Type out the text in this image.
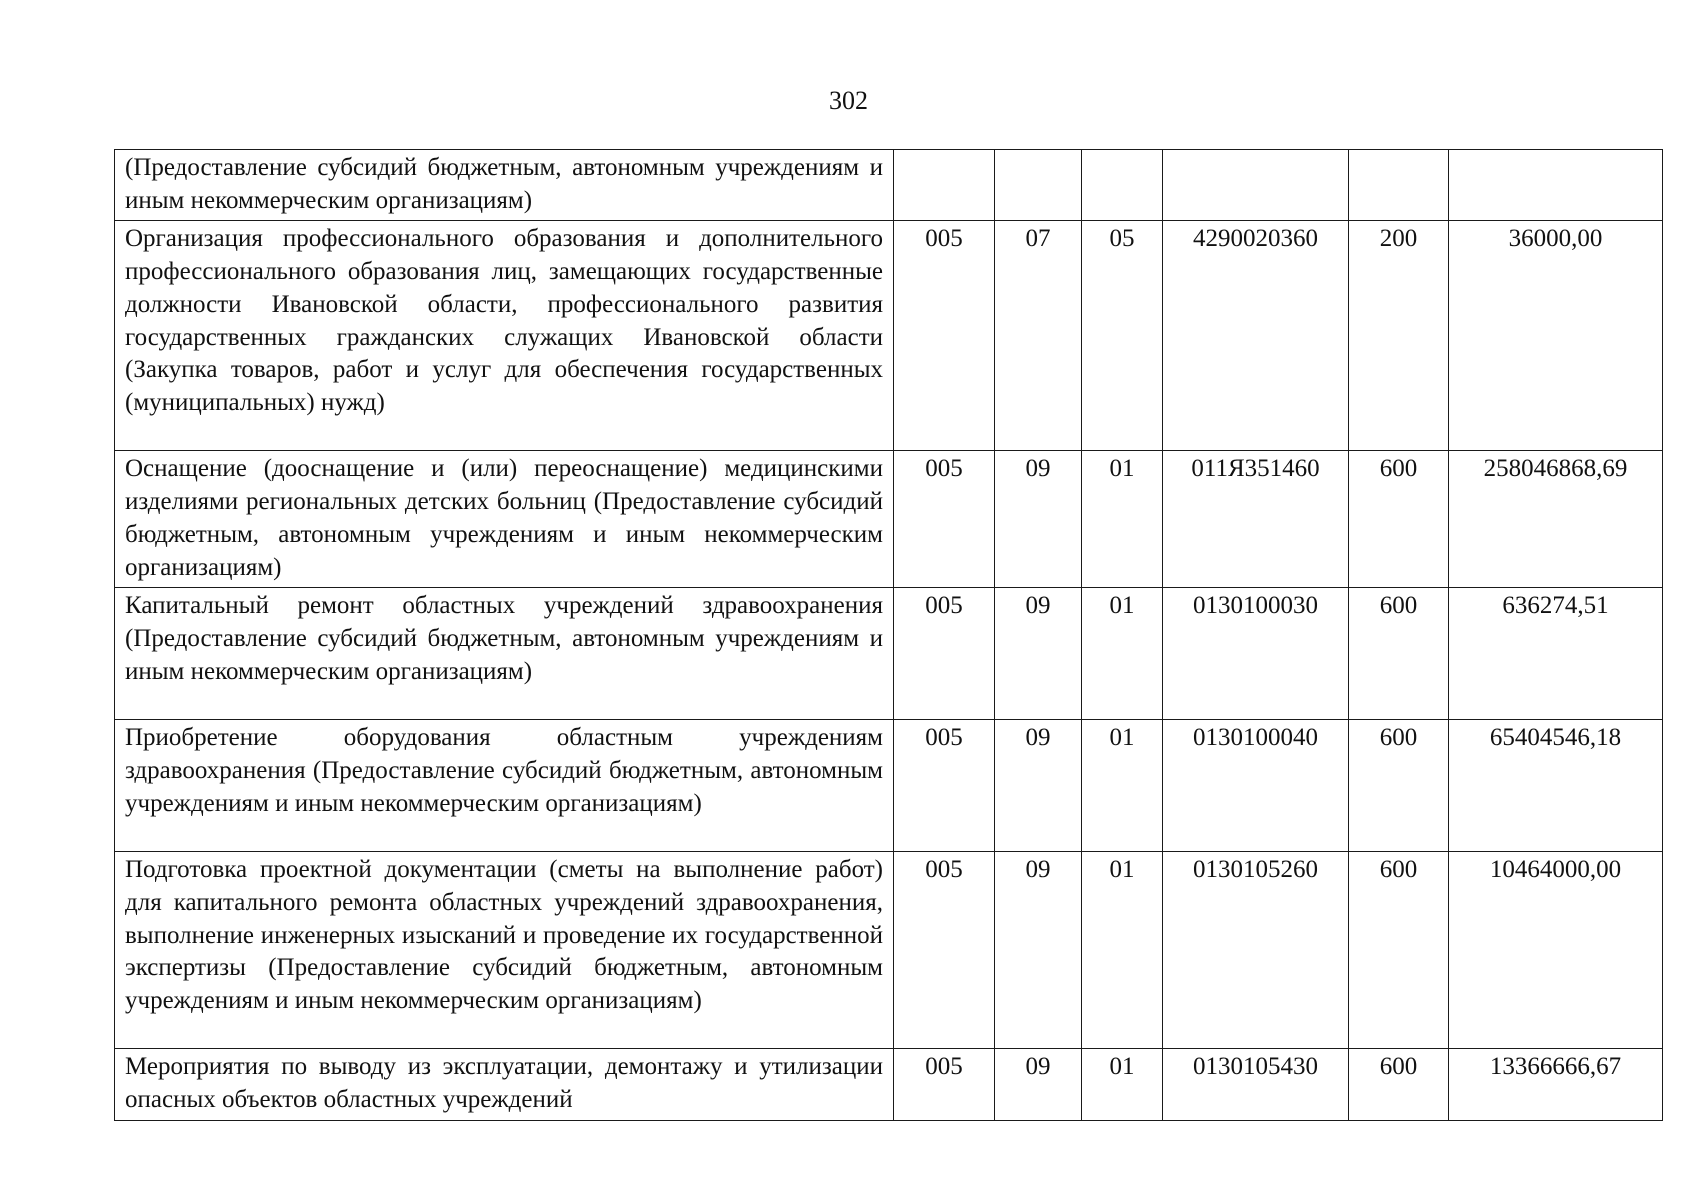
302
(Предоставление субсидий бюджетным, автономным учреждениям и иным некоммерческим организациям)						
Организация профессионального образования и дополнительного профессионального образования лиц, замещающих государственные должности Ивановской области, профессионального развития государственных гражданских служащих Ивановской области (Закупка товаров, работ и услуг для обеспечения государственных (муниципальных) нужд)	005	07	05	4290020360	200	36000,00
Оснащение (дооснащение и (или) переоснащение) медицинскими изделиями региональных детских больниц (Предоставление субсидий бюджетным, автономным учреждениям и иным некоммерческим организациям)	005	09	01	011Я351460	600	258046868,69
Капитальный ремонт областных учреждений здравоохранения (Предоставление субсидий бюджетным, автономным учреждениям и иным некоммерческим организациям)	005	09	01	0130100030	600	636274,51
Приобретение оборудования областным учреждениям здравоохранения (Предоставление субсидий бюджетным, автономным учреждениям и иным некоммерческим организациям)	005	09	01	0130100040	600	65404546,18
Подготовка проектной документации (сметы на выполнение работ) для капитального ремонта областных учреждений здравоохранения, выполнение инженерных изысканий и проведение их государственной экспертизы (Предоставление субсидий бюджетным, автономным учреждениям и иным некоммерческим организациям)	005	09	01	0130105260	600	10464000,00
Мероприятия по выводу из эксплуатации, демонтажу и утилизации опасных объектов областных учреждений	005	09	01	0130105430	600	13366666,67
